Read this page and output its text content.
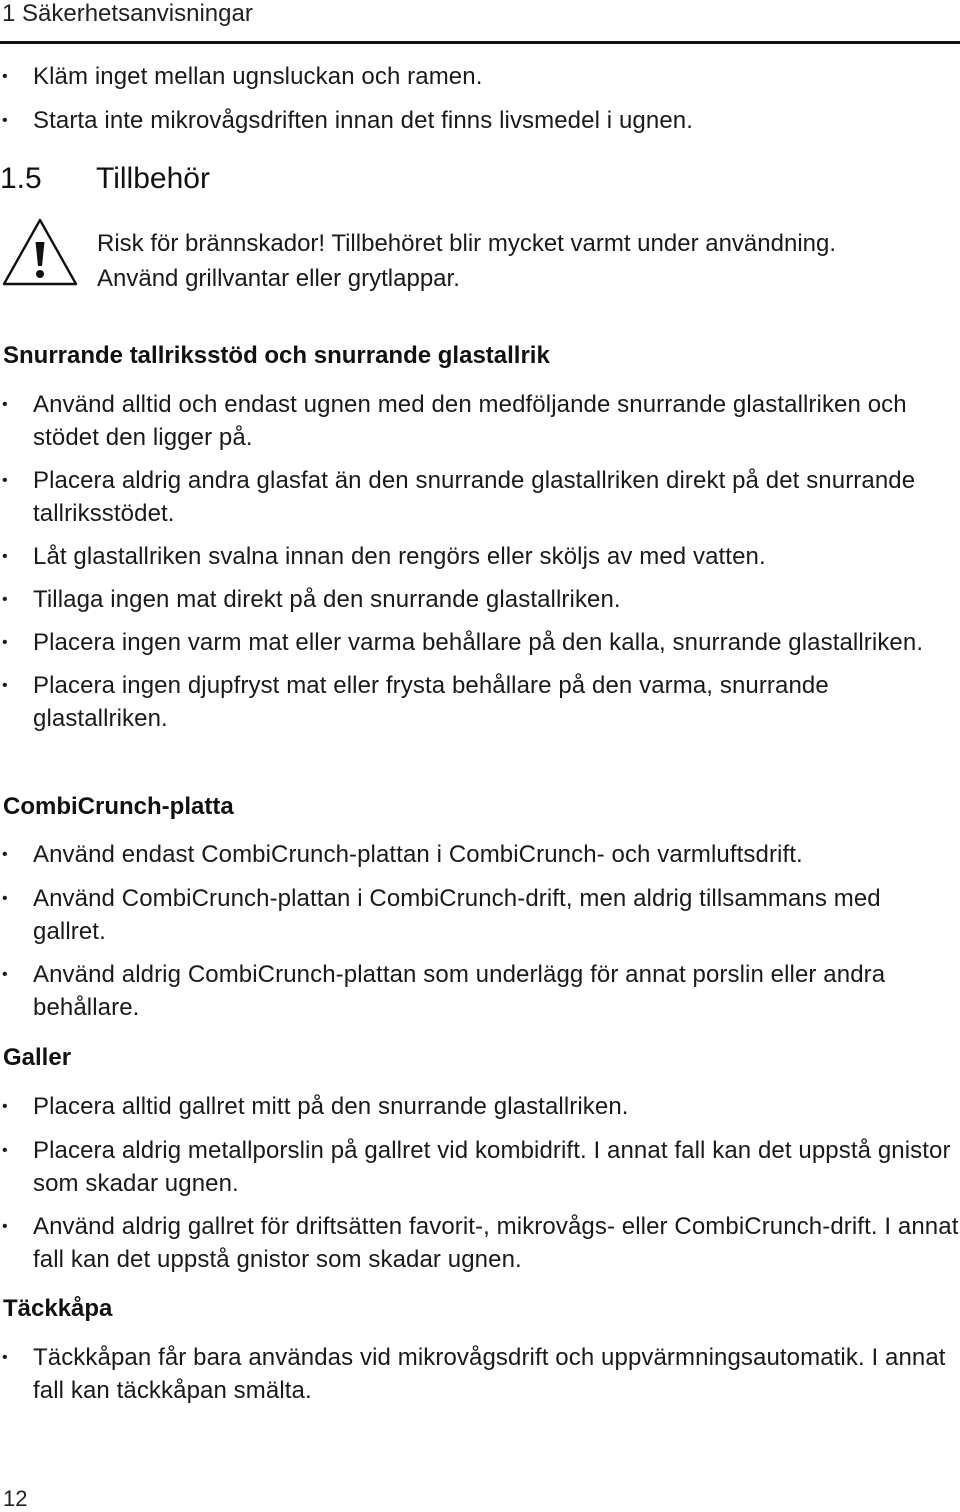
1 Säkerhetsanvisningar
• Kläm inget mellan ugnsluckan och ramen.
• Starta inte mikrovågsdriften innan det finns livsmedel i ugnen.
1.5 Tillbehör
Risk för brännskador! Tillbehöret blir mycket varmt under användning.
Använd grillvantar eller grytlappar.
Snurrande tallriksstöd och snurrande glastallrik
• Använd alltid och endast ugnen med den medföljande snurrande glastallriken och stödet den ligger på.
• Placera aldrig andra glasfat än den snurrande glastallriken direkt på det snurrande tallriksstödet.
• Låt glastallriken svalna innan den rengörs eller sköljs av med vatten.
• Tillaga ingen mat direkt på den snurrande glastallriken.
• Placera ingen varm mat eller varma behållare på den kalla, snurrande glastallriken.
• Placera ingen djupfryst mat eller frysta behållare på den varma, snurrande glastallriken.
CombiCrunch-platta
• Använd endast CombiCrunch-plattan i CombiCrunch- och varmluftsdrift.
• Använd CombiCrunch-plattan i CombiCrunch-drift, men aldrig tillsammans med gallret.
• Använd aldrig CombiCrunch-plattan som underlägg för annat porslin eller andra behållare.
Galler
• Placera alltid gallret mitt på den snurrande glastallriken.
• Placera aldrig metallporslin på gallret vid kombidrift. I annat fall kan det uppstå gnistor som skadar ugnen.
• Använd aldrig gallret för driftsätten favorit-, mikrovågs- eller CombiCrunch-drift. I annat fall kan det uppstå gnistor som skadar ugnen.
Täckkåpa
• Täckkåpan får bara användas vid mikrovågsdrift och uppvärmningsautomatik. I annat fall kan täckkåpan smälta.
12
